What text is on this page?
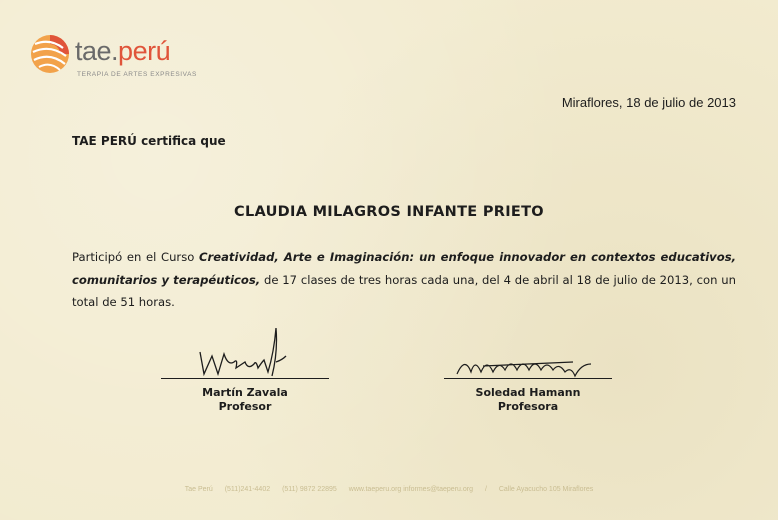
tae.perú
TERAPIA DE ARTES EXPRESIVAS
Miraflores, 18 de julio de 2013
TAE PERÚ certifica que
CLAUDIA MILAGROS INFANTE PRIETO
Participó en el Curso Creatividad, Arte e Imaginación: un enfoque innovador en contextos educativos, comunitarios y terapéuticos, de 17 clases de tres horas cada una, del 4 de abril al 18 de julio de 2013, con un total de 51 horas.
Martín Zavala
Profesor
Soledad Hamann
Profesora
Tae Perú (511)241-4402 (511) 9872 22895 www.taeperu.org informes@taeperu.org / Calle Ayacucho 105 Miraflores
